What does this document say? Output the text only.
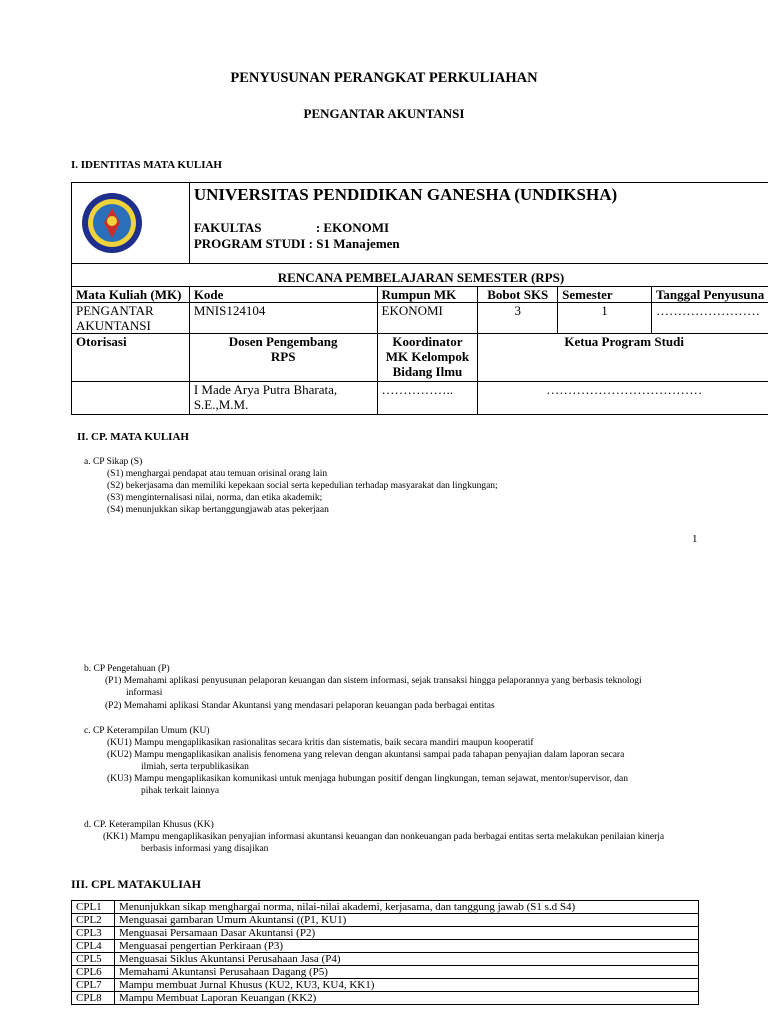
PENYUSUNAN PERANGKAT PERKULIAHAN
PENGANTAR AKUNTANSI
I. IDENTITAS MATA KULIAH

UNIVERSITAS PENDIDIKAN GANESHA (UNDIKSHA)
FAKULTAS : EKONOMI
PROGRAM STUDI : S1 Manajemen				

RENCANA PEMBELAJARAN SEMESTER (RPS)					
Mata Kuliah (MK)	Kode	Rumpun MK	Bobot SKS	Semester	Tanggal Penyusuna
PENGANTAR AKUNTANSI	MNIS124104	EKONOMI	3	1	……………………
Otorisasi	Dosen Pengembang RPS	Koordinator MK Kelompok Bidang Ilmu	Ketua Program Studi		
	I Made Arya Putra Bharata, S.E.,M.M.	……………..	………………………………		
II. CP. MATA KULIAH
a. CP Sikap (S)
(S1) menghargai pendapat atau temuan orisinal orang lain
(S2) bekerjasama dan memiliki kepekaan social serta kepedulian terhadap masyarakat dan lingkungan;
(S3) menginternalisasi nilai, norma, dan etika akademik;
(S4) menunjukkan sikap bertanggungjawab atas pekerjaan
1
b. CP Pengetahuan (P)
(P1) Memahami aplikasi penyusunan pelaporan keuangan dan sistem informasi, sejak transaksi hingga pelaporannya yang berbasis teknologi
informasi
(P2) Memahami aplikasi Standar Akuntansi yang mendasari pelaporan keuangan pada berbagai entitas
c. CP Keterampilan Umum (KU)
(KU1) Mampu mengaplikasikan rasionalitas secara kritis dan sistematis, baik secara mandiri maupun kooperatif
(KU2) Mampu mengaplikasikan analisis fenomena yang relevan dengan akuntansi sampai pada tahapan penyajian dalam laporan secara
ilmiah, serta terpublikasikan
(KU3) Mampu mengaplikasikan komunikasi untuk menjaga hubungan positif dengan lingkungan, teman sejawat, mentor/supervisor, dan
pihak terkait lainnya
d. CP. Keterampilan Khusus (KK)
(KK1) Mampu mengaplikasikan penyajian informasi akuntansi keuangan dan nonkeuangan pada berbagai entitas serta melakukan penilaian kinerja
berbasis informasi yang disajikan
III. CPL MATAKULIAH
CPL1	Menunjukkan sikap menghargai norma, nilai-nilai akademi, kerjasama, dan tanggung jawab (S1 s.d S4)
CPL2	Menguasai gambaran Umum Akuntansi ((P1, KU1)
CPL3	Menguasai Persamaan Dasar Akuntansi (P2)
CPL4	Menguasai pengertian Perkiraan (P3)
CPL5	Menguasai Siklus Akuntansi Perusahaan Jasa (P4)
CPL6	Memahami Akuntansi Perusahaan Dagang (P5)
CPL7	Mampu membuat Jurnal Khusus (KU2, KU3, KU4, KK1)
CPL8	Mampu Membuat Laporan Keuangan (KK2)
